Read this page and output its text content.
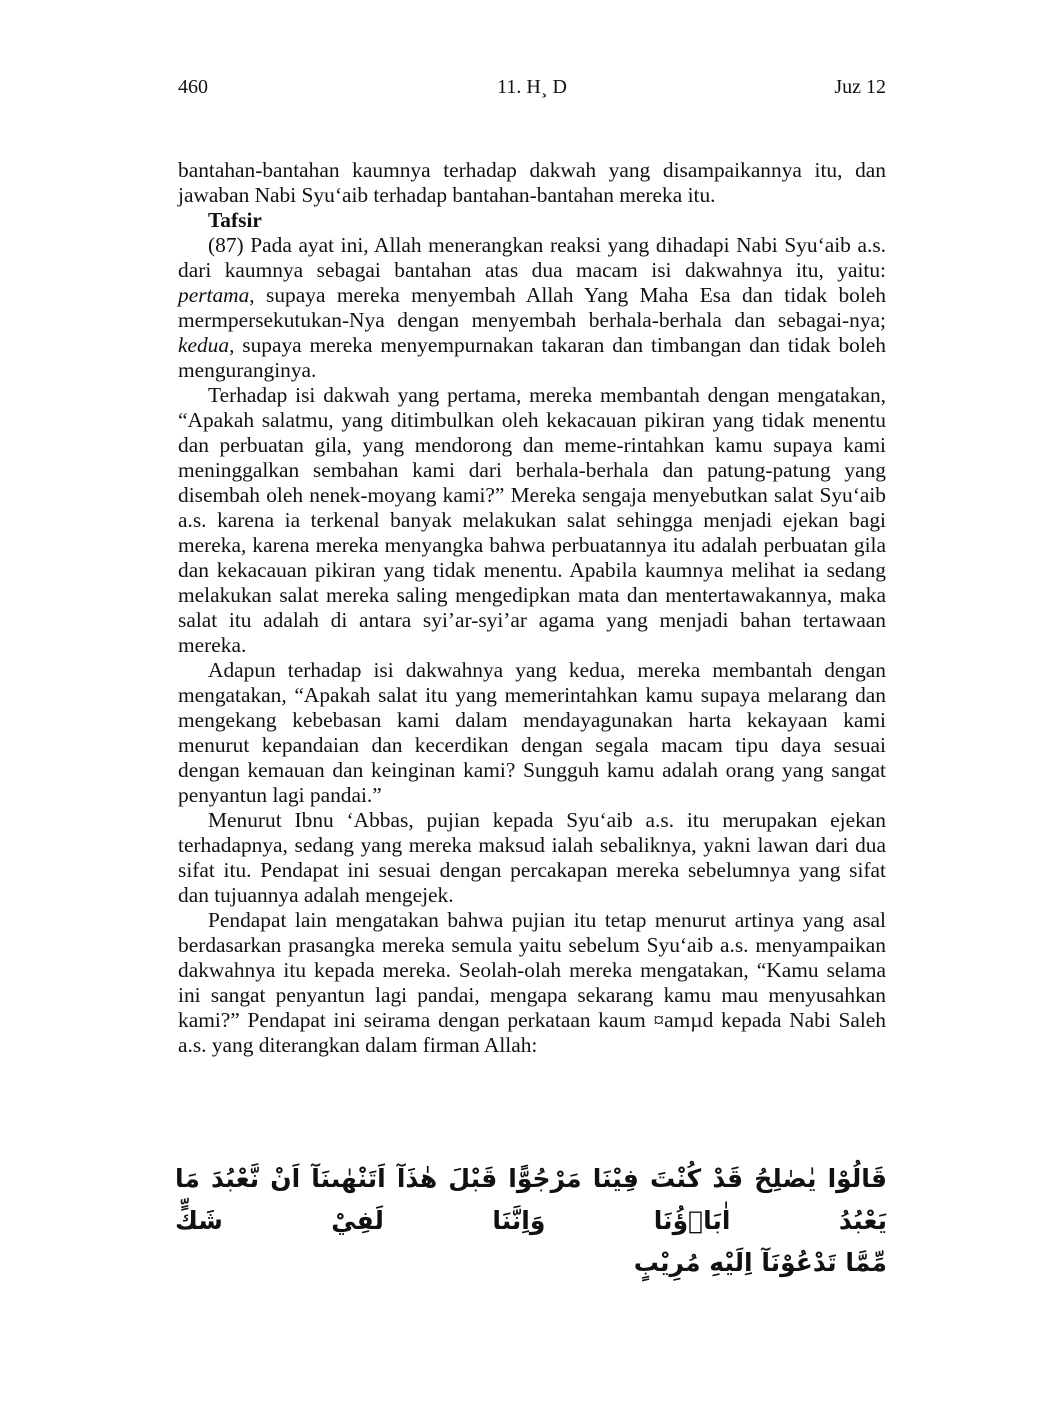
460	11. H¸ D	Juz 12

bantahan-bantahan kaumnya terhadap dakwah yang disampaikannya itu, dan jawaban Nabi Syu‘aib terhadap bantahan-bantahan mereka itu.

Tafsir

(87) Pada ayat ini, Allah menerangkan reaksi yang dihadapi Nabi Syu‘aib a.s. dari kaumnya sebagai bantahan atas dua macam isi dakwahnya itu, yaitu: pertama, supaya mereka menyembah Allah Yang Maha Esa dan tidak boleh mermpersekutukan-Nya dengan menyembah berhala-berhala dan sebagai-nya; kedua, supaya mereka menyempurnakan takaran dan timbangan dan tidak boleh menguranginya.

Terhadap isi dakwah yang pertama, mereka membantah dengan mengatakan, “Apakah salatmu, yang ditimbulkan oleh kekacauan pikiran yang tidak menentu dan perbuatan gila, yang mendorong dan meme-rintahkan kamu supaya kami meninggalkan sembahan kami dari berhala-berhala dan patung-patung yang disembah oleh nenek-moyang kami?” Mereka sengaja menyebutkan salat Syu‘aib a.s. karena ia terkenal banyak melakukan salat sehingga menjadi ejekan bagi mereka, karena mereka menyangka bahwa perbuatannya itu adalah perbuatan gila dan kekacauan pikiran yang tidak menentu. Apabila kaumnya melihat ia sedang melakukan salat mereka saling mengedipkan mata dan mentertawakannya, maka salat itu adalah di antara syi’ar-syi’ar agama yang menjadi bahan tertawaan mereka.

Adapun terhadap isi dakwahnya yang kedua, mereka membantah dengan mengatakan, “Apakah salat itu yang memerintahkan kamu supaya melarang dan mengekang kebebasan kami dalam mendayagunakan harta kekayaan kami menurut kepandaian dan kecerdikan dengan segala macam tipu daya sesuai dengan kemauan dan keinginan kami? Sungguh kamu adalah orang yang sangat penyantun lagi pandai.”

Menurut Ibnu ‘Abbas, pujian kepada Syu‘aib a.s. itu merupakan ejekan terhadapnya, sedang yang mereka maksud ialah sebaliknya, yakni lawan dari dua sifat itu. Pendapat ini sesuai dengan percakapan mereka sebelumnya yang sifat dan tujuannya adalah mengejek.

Pendapat lain mengatakan bahwa pujian itu tetap menurut artinya yang asal berdasarkan prasangka mereka semula yaitu sebelum Syu‘aib a.s. menyampaikan dakwahnya itu kepada mereka. Seolah-olah mereka mengatakan, “Kamu selama ini sangat penyantun lagi pandai, mengapa sekarang kamu mau menyusahkan kami?” Pendapat ini seirama dengan perkataan kaum ¤amµd kepada Nabi Saleh a.s. yang diterangkan dalam firman Allah:

قَالُوْا يٰصٰلِحُ قَدْ كُنْتَ فِيْنَا مَرْجُوًّا قَبْلَ هٰذَآ اَتَنْهٰىنَآ اَنْ نَّعْبُدَ مَا يَعْبُدُ اٰبَاۤؤُنَا وَاِنَّنَا لَفِيْ شَكٍّ
مِّمَّا تَدْعُوْنَآ اِلَيْهِ مُرِيْبٍ
